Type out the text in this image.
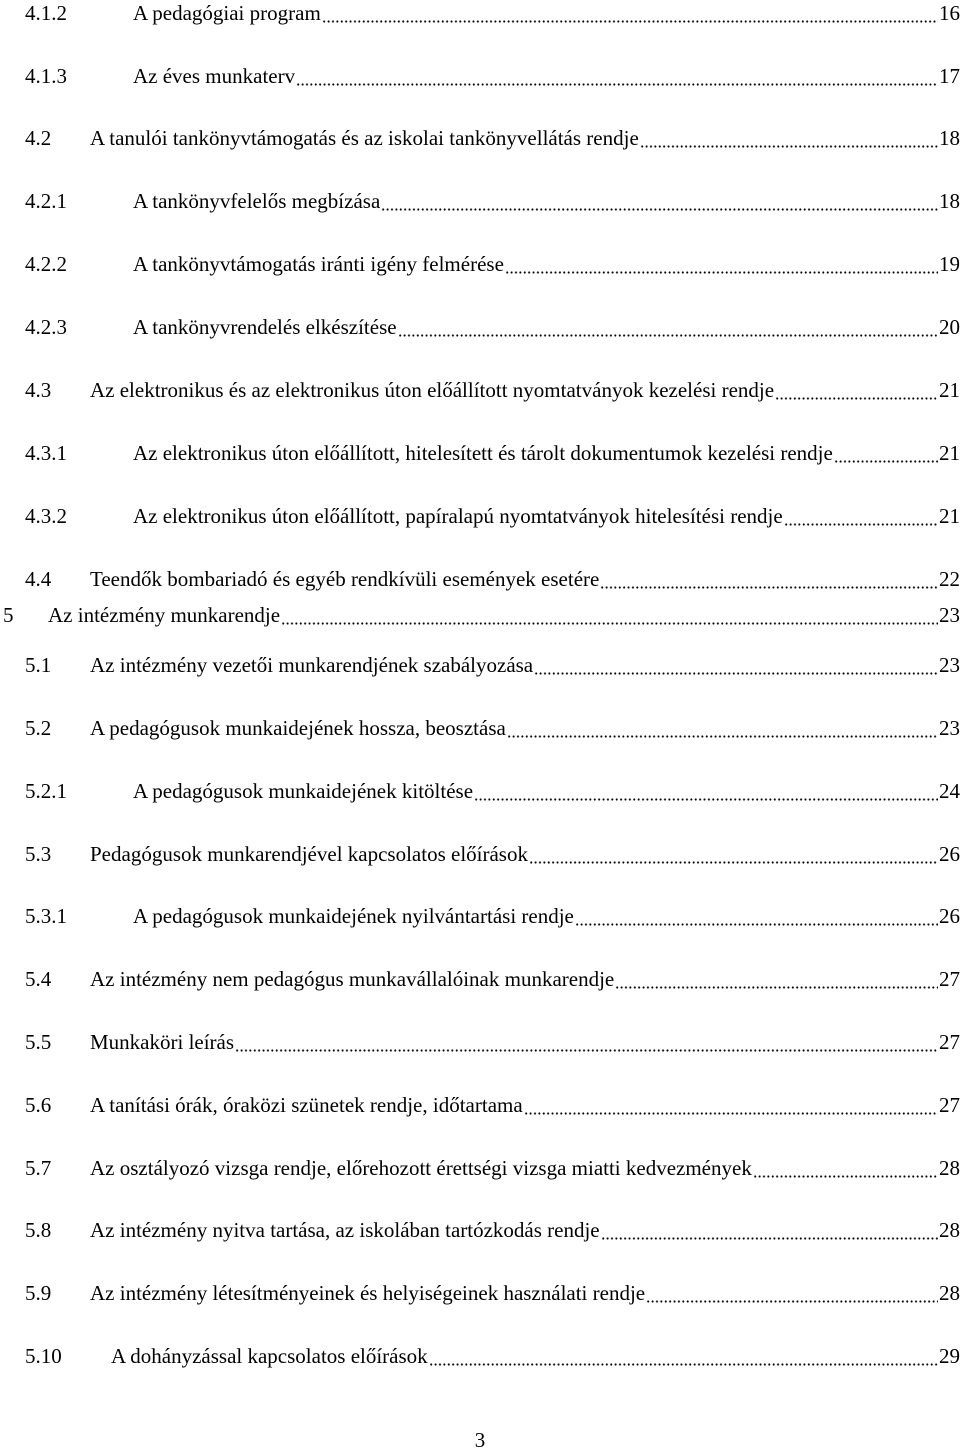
4.1.2	A pedagógiai program	16
4.1.3	Az éves munkaterv	17
4.2	A tanulói tankönyvtámogatás és az iskolai tankönyvellátás rendje	18
4.2.1	A tankönyvfelelős megbízása	18
4.2.2	A tankönyvtámogatás iránti igény felmérése	19
4.2.3	A tankönyvrendelés elkészítése	20
4.3	Az elektronikus és az elektronikus úton előállított nyomtatványok kezelési rendje	21
4.3.1	Az elektronikus úton előállított, hitelesített és tárolt dokumentumok kezelési rendje	21
4.3.2	Az elektronikus úton előállított, papíralapú nyomtatványok hitelesítési rendje	21
4.4	Teendők bombariadó és egyéb rendkívüli események esetére	22
5	Az intézmény munkarendje	23
5.1	Az intézmény vezetői munkarendjének szabályozása	23
5.2	A pedagógusok munkaidejének hossza, beosztása	23
5.2.1	A pedagógusok munkaidejének kitöltése	24
5.3	Pedagógusok munkarendjével kapcsolatos előírások	26
5.3.1	A pedagógusok munkaidejének nyilvántartási rendje	26
5.4	Az intézmény nem pedagógus munkavállalóinak munkarendje	27
5.5	Munkaköri leírás	27
5.6	A tanítási órák, óraközi szünetek rendje, időtartama	27
5.7	Az osztályozó vizsga rendje, előrehozott érettségi vizsga miatti kedvezmények	28
5.8	Az intézmény nyitva tartása, az iskolában tartózkodás rendje	28
5.9	Az intézmény létesítményeinek és helyiségeinek használati rendje	28
5.10	A dohányzással kapcsolatos előírások	29
3
